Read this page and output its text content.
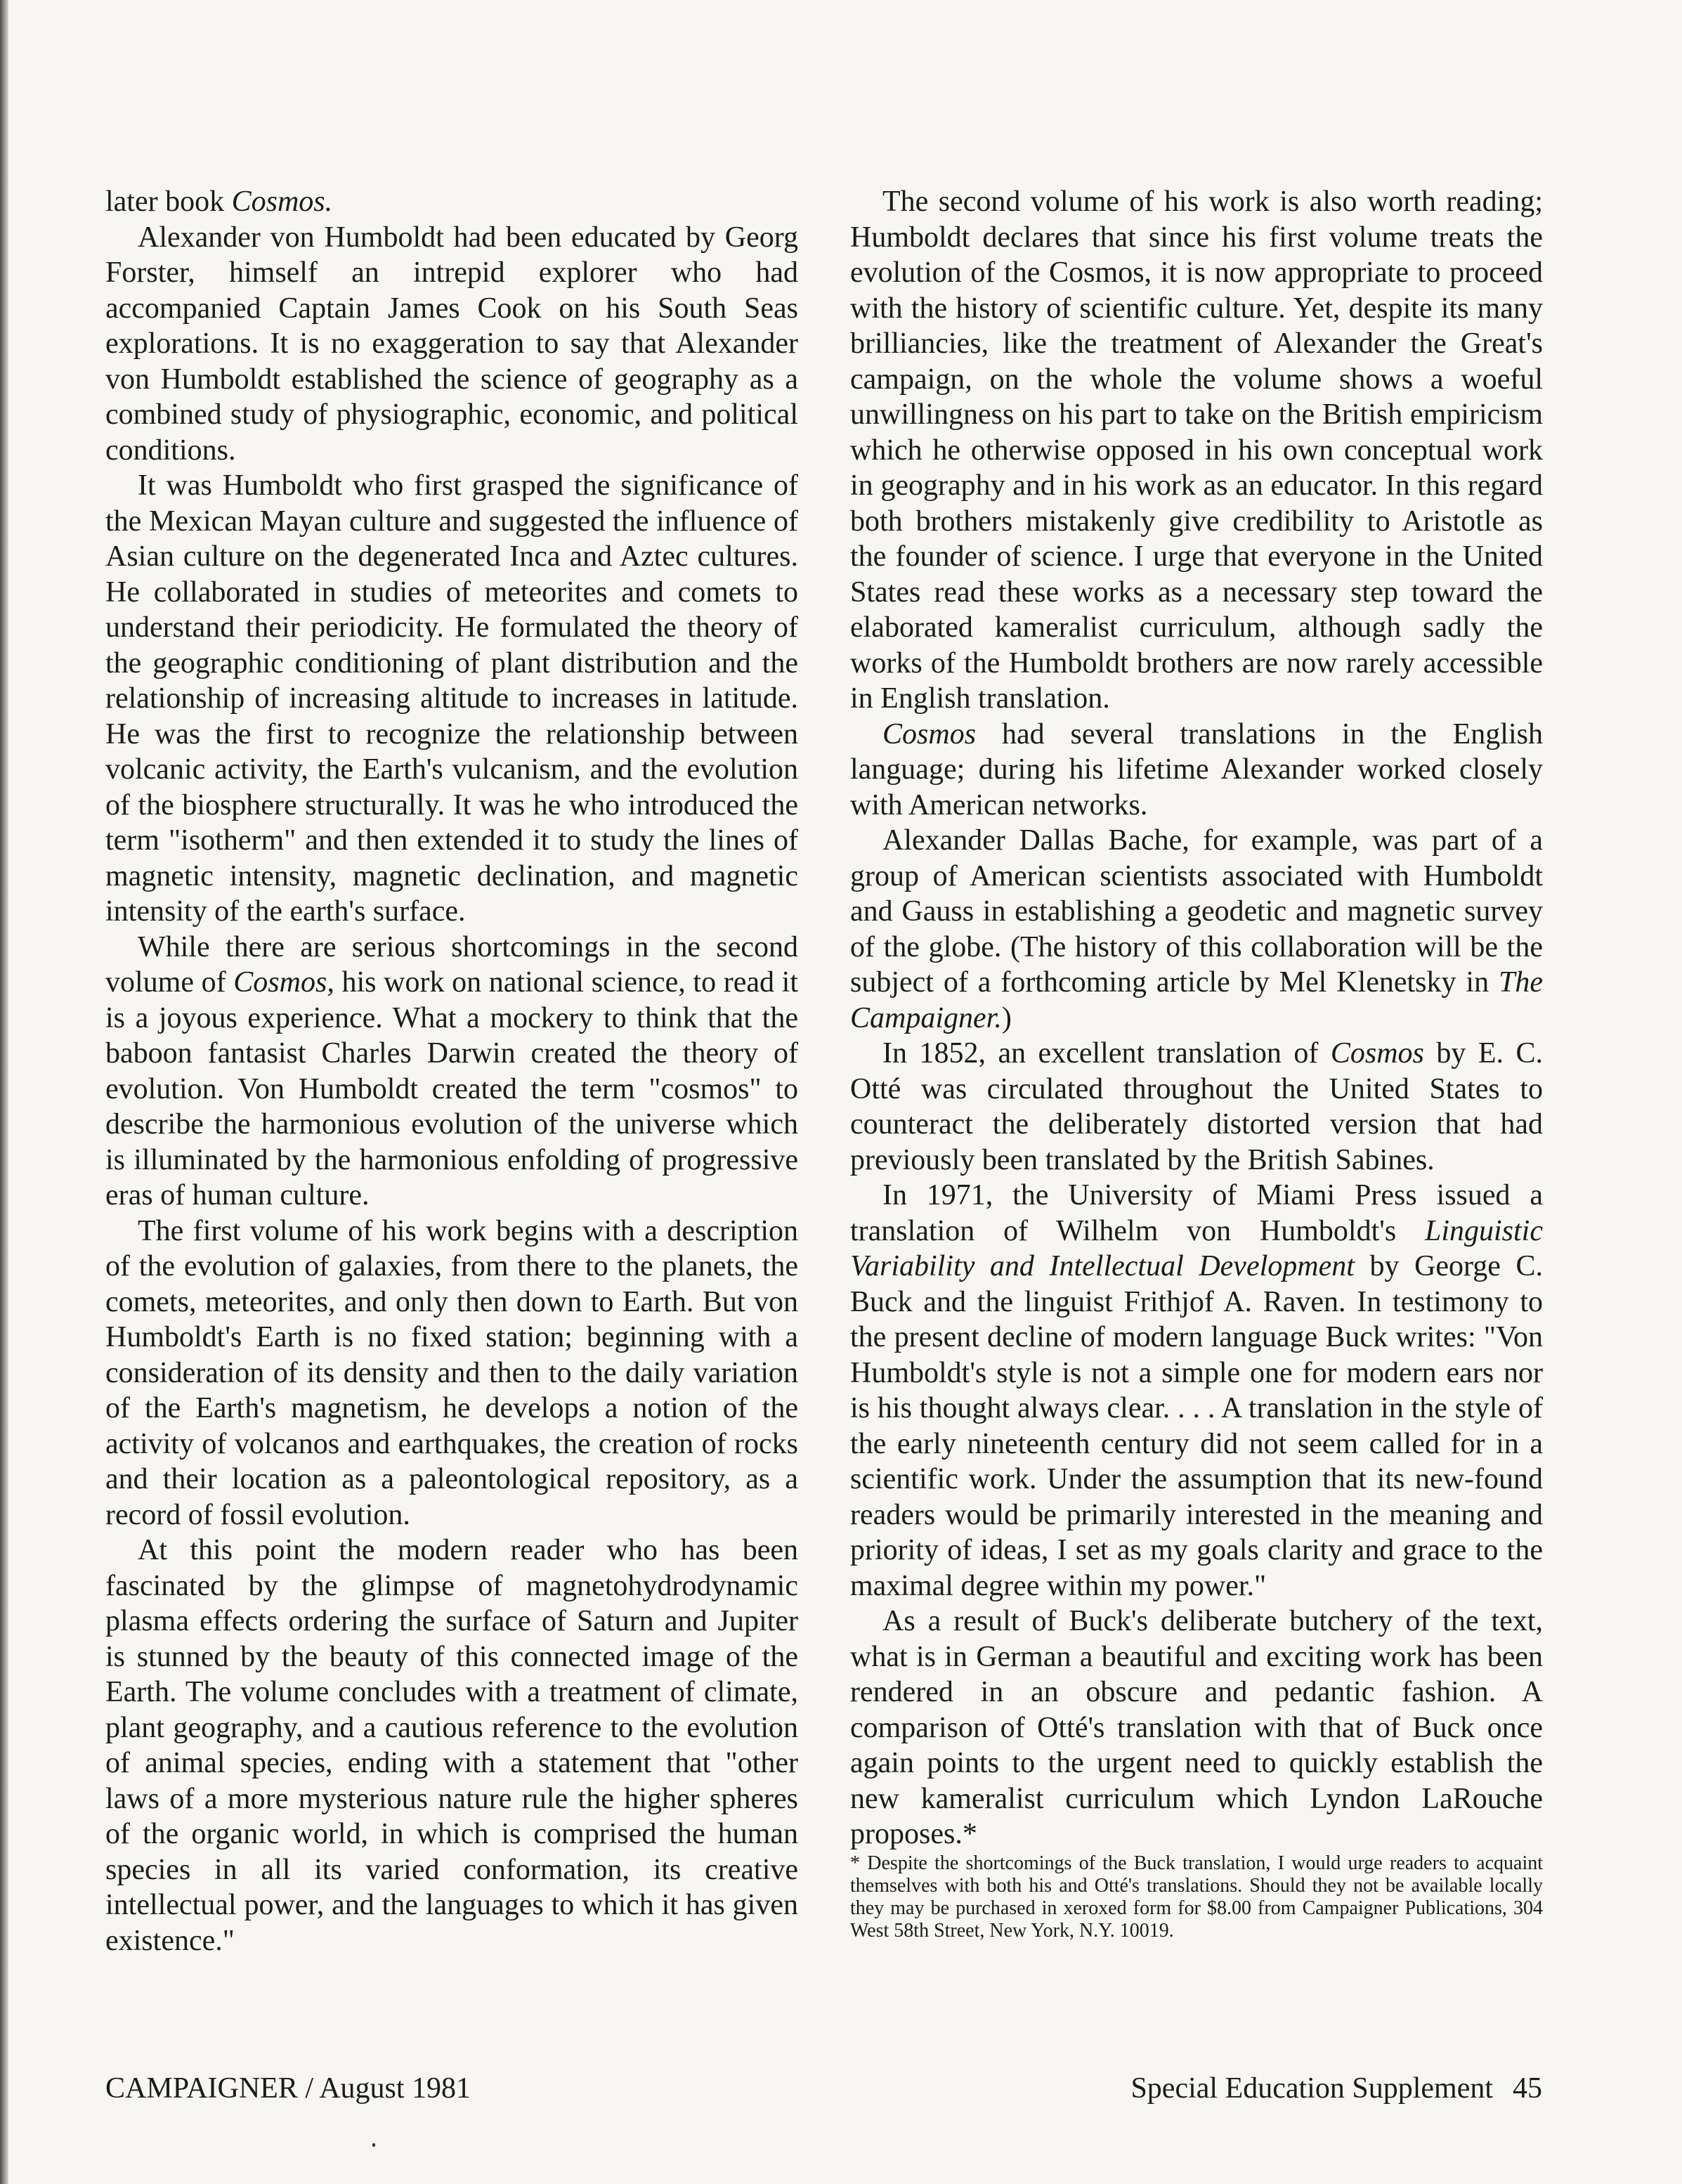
later book Cosmos.

Alexander von Humboldt had been educated by Georg Forster, himself an intrepid explorer who had accompanied Captain James Cook on his South Seas explorations. It is no exaggeration to say that Alexander von Humboldt established the science of geography as a combined study of physiographic, economic, and political conditions.

It was Humboldt who first grasped the significance of the Mexican Mayan culture and suggested the influence of Asian culture on the degenerated Inca and Aztec cultures. He collaborated in studies of meteorites and comets to understand their periodicity. He formulated the theory of the geographic conditioning of plant distribution and the relationship of increasing altitude to increases in latitude. He was the first to recognize the relationship between volcanic activity, the Earth's vulcanism, and the evolution of the biosphere structurally. It was he who introduced the term "isotherm" and then extended it to study the lines of magnetic intensity, magnetic declination, and magnetic intensity of the earth's surface.

While there are serious shortcomings in the second volume of Cosmos, his work on national science, to read it is a joyous experience. What a mockery to think that the baboon fantasist Charles Darwin created the theory of evolution. Von Humboldt created the term "cosmos" to describe the harmonious evolution of the universe which is illuminated by the harmonious enfolding of progressive eras of human culture.

The first volume of his work begins with a description of the evolution of galaxies, from there to the planets, the comets, meteorites, and only then down to Earth. But von Humboldt's Earth is no fixed station; beginning with a consideration of its density and then to the daily variation of the Earth's magnetism, he develops a notion of the activity of volcanos and earthquakes, the creation of rocks and their location as a paleontological repository, as a record of fossil evolution.

At this point the modern reader who has been fascinated by the glimpse of magnetohydrodynamic plasma effects ordering the surface of Saturn and Jupiter is stunned by the beauty of this connected image of the Earth. The volume concludes with a treatment of climate, plant geography, and a cautious reference to the evolution of animal species, ending with a statement that "other laws of a more mysterious nature rule the higher spheres of the organic world, in which is comprised the human species in all its varied conformation, its creative intellectual power, and the languages to which it has given existence."

The second volume of his work is also worth reading; Humboldt declares that since his first volume treats the evolution of the Cosmos, it is now appropriate to proceed with the history of scientific culture. Yet, despite its many brilliancies, like the treatment of Alexander the Great's campaign, on the whole the volume shows a woeful unwillingness on his part to take on the British empiricism which he otherwise opposed in his own conceptual work in geography and in his work as an educator. In this regard both brothers mistakenly give credibility to Aristotle as the founder of science. I urge that everyone in the United States read these works as a necessary step toward the elaborated kameralist curriculum, although sadly the works of the Humboldt brothers are now rarely accessible in English translation.

Cosmos had several translations in the English language; during his lifetime Alexander worked closely with American networks.

Alexander Dallas Bache, for example, was part of a group of American scientists associated with Humboldt and Gauss in establishing a geodetic and magnetic survey of the globe. (The history of this collaboration will be the subject of a forthcoming article by Mel Klenetsky in The Campaigner.)

In 1852, an excellent translation of Cosmos by E. C. Otté was circulated throughout the United States to counteract the deliberately distorted version that had previously been translated by the British Sabines.

In 1971, the University of Miami Press issued a translation of Wilhelm von Humboldt's Linguistic Variability and Intellectual Development by George C. Buck and the linguist Frithjof A. Raven. In testimony to the present decline of modern language Buck writes: "Von Humboldt's style is not a simple one for modern ears nor is his thought always clear. . . . A translation in the style of the early nineteenth century did not seem called for in a scientific work. Under the assumption that its new-found readers would be primarily interested in the meaning and priority of ideas, I set as my goals clarity and grace to the maximal degree within my power."

As a result of Buck's deliberate butchery of the text, what is in German a beautiful and exciting work has been rendered in an obscure and pedantic fashion. A comparison of Otté's translation with that of Buck once again points to the urgent need to quickly establish the new kameralist curriculum which Lyndon LaRouche proposes.*

* Despite the shortcomings of the Buck translation, I would urge readers to acquaint themselves with both his and Otté's translations. Should they not be available locally they may be purchased in xeroxed form for $8.00 from Campaigner Publications, 304 West 58th Street, New York, N.Y. 10019.

CAMPAIGNER / August 1981	Special Education Supplement 45
